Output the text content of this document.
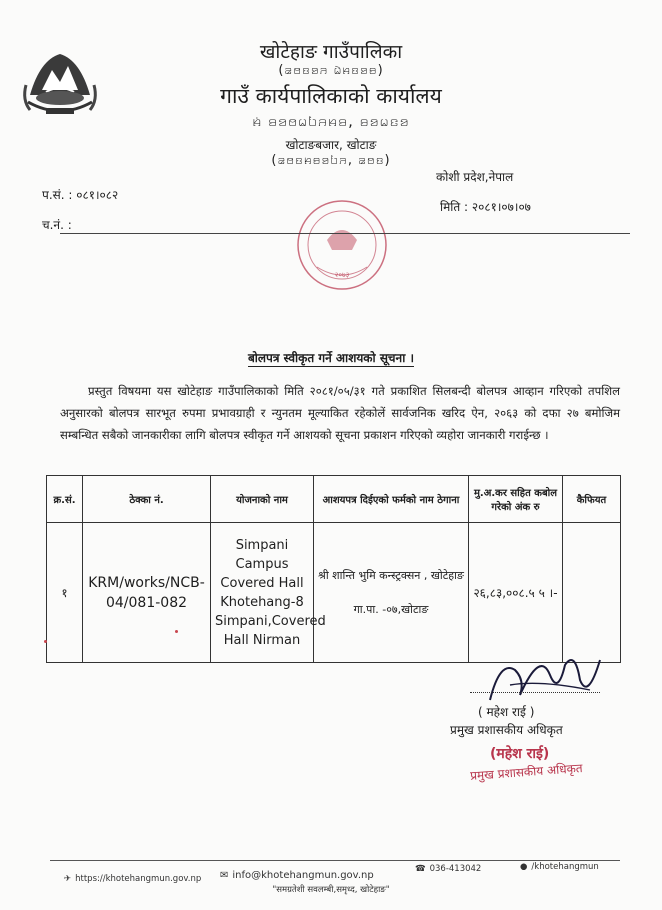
खोटेहाङ गाउँपालिका
(꤁ꤥꤢꤤꤏ ꤗꤧꤌꤢꤤꤋ)
गाउँ कार्यपालिकाको कार्यालय
ꤌꤦ ꤋꤤꤥꤗꤝꤏꤌꤋ, ꤋꤤꤗꤢꤤ
खोटाङबजार, खोटाङ
(꤁ꤥꤢꤌꤋꤤꤝꤏ, ꤁ꤥꤢ)
प.सं. : ०८१।०८२
च.नं. :
कोशी प्रदेश,नेपाल
मिति : २०८१।०७।०७
२०७३
बोलपत्र स्वीकृत गर्ने आशयको सूचना ।
प्रस्तुत विषयमा यस खोटेहाङ गाउँपालिकाको मिति २०८१/०५/३१ गते प्रकाशित सिलबन्दी बोलपत्र आव्हान गरिएको तपशिल अनुसारको बोलपत्र सारभूत रुपमा प्रभावग्राही र न्युनतम मूल्याकित रहेकोलें सार्वजनिक खरिद ऐन, २०६३ को दफा २७ बमोजिम सम्बन्धित सबैको जानकारीका लागि बोलपत्र स्वीकृत गर्ने आशयको सूचना प्रकाशन गरिएको व्यहोरा जानकारी गराईन्छ ।
क्र.सं.	ठेक्का नं.	योजनाको नाम	आशयपत्र दिईएको फर्मको नाम ठेगाना	मु.अ.कर सहित कबोल गरेको अंक रु	कैफियत
१	KRM/works/NCB-04/081-082	Simpani Campus Covered Hall Khotehang-8 Simpani,Covered Hall Nirman	श्री शान्ति भुमि कन्स्ट्रक्सन , खोटेहाङ गा.पा. -०७,खोटाङ	२६,८३,००८.५ ५ ।-	
( महेश राई )
प्रमुख प्रशासकीय अधिकृत
(महेश राई)
प्रमुख प्रशासकीय अधिकृत
✈ https://khotehangmun.gov.np ✉ info@khotehangmun.gov.np
☎ 036-413042	● /khotehangmun
"समग्रतेशी सवलम्बी,समृध्द, खोटेहाङ"
